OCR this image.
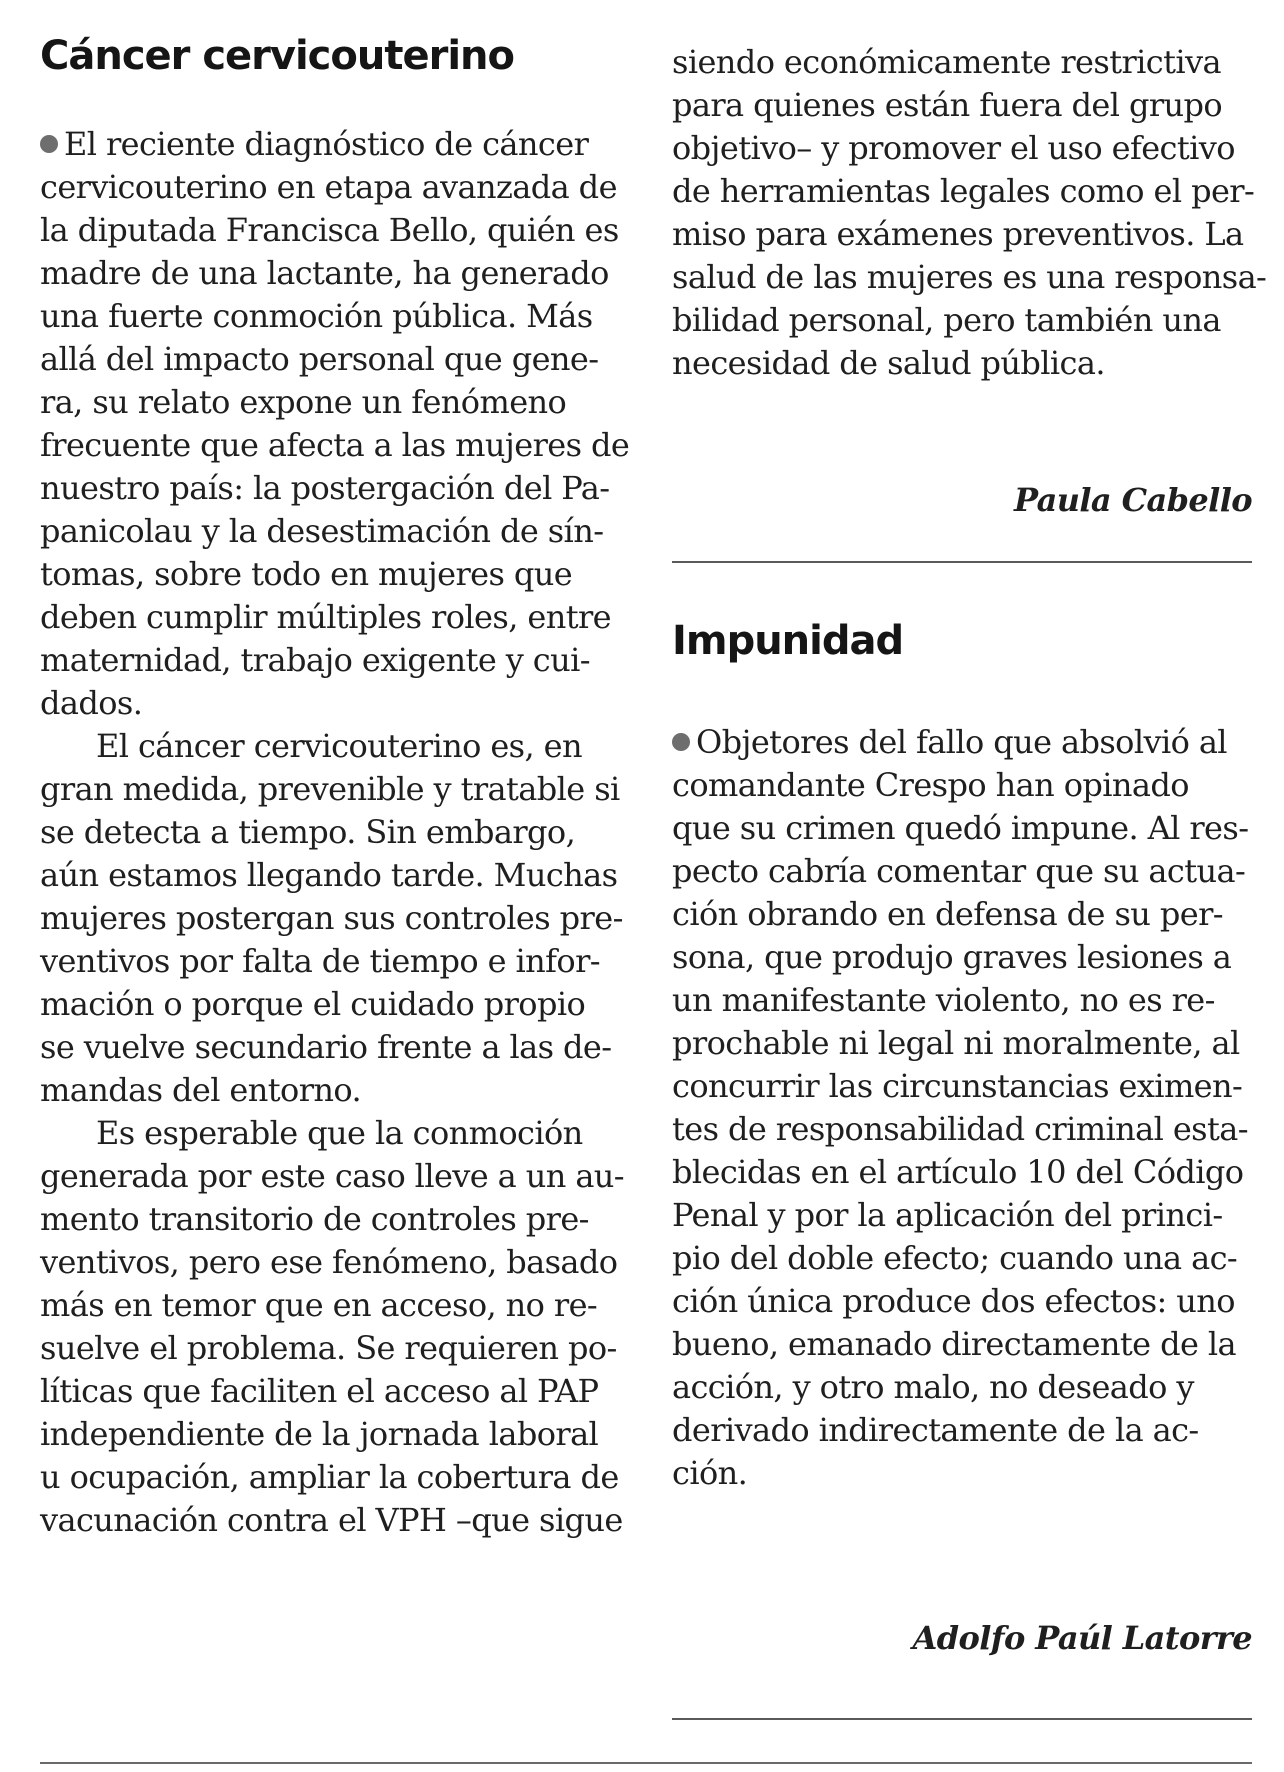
Cáncer cervicouterino
El reciente diagnóstico de cáncer
cervicouterino en etapa avanzada de
la diputada Francisca Bello, quién es
madre de una lactante, ha generado
una fuerte conmoción pública. Más
allá del impacto personal que gene-
ra, su relato expone un fenómeno
frecuente que afecta a las mujeres de
nuestro país: la postergación del Pa-
panicolau y la desestimación de sín-
tomas, sobre todo en mujeres que
deben cumplir múltiples roles, entre
maternidad, trabajo exigente y cui-
dados.
El cáncer cervicouterino es, en
gran medida, prevenible y tratable si
se detecta a tiempo. Sin embargo,
aún estamos llegando tarde. Muchas
mujeres postergan sus controles pre-
ventivos por falta de tiempo e infor-
mación o porque el cuidado propio
se vuelve secundario frente a las de-
mandas del entorno.
Es esperable que la conmoción
generada por este caso lleve a un au-
mento transitorio de controles pre-
ventivos, pero ese fenómeno, basado
más en temor que en acceso, no re-
suelve el problema. Se requieren po-
líticas que faciliten el acceso al PAP
independiente de la jornada laboral
u ocupación, ampliar la cobertura de
vacunación contra el VPH –que sigue
siendo económicamente restrictiva
para quienes están fuera del grupo
objetivo– y promover el uso efectivo
de herramientas legales como el per-
miso para exámenes preventivos. La
salud de las mujeres es una responsa-
bilidad personal, pero también una
necesidad de salud pública.
Paula Cabello
Impunidad
Objetores del fallo que absolvió al
comandante Crespo han opinado
que su crimen quedó impune. Al res-
pecto cabría comentar que su actua-
ción obrando en defensa de su per-
sona, que produjo graves lesiones a
un manifestante violento, no es re-
prochable ni legal ni moralmente, al
concurrir las circunstancias eximen-
tes de responsabilidad criminal esta-
blecidas en el artículo 10 del Código
Penal y por la aplicación del princi-
pio del doble efecto; cuando una ac-
ción única produce dos efectos: uno
bueno, emanado directamente de la
acción, y otro malo, no deseado y
derivado indirectamente de la ac-
ción.
Adolfo Paúl Latorre
